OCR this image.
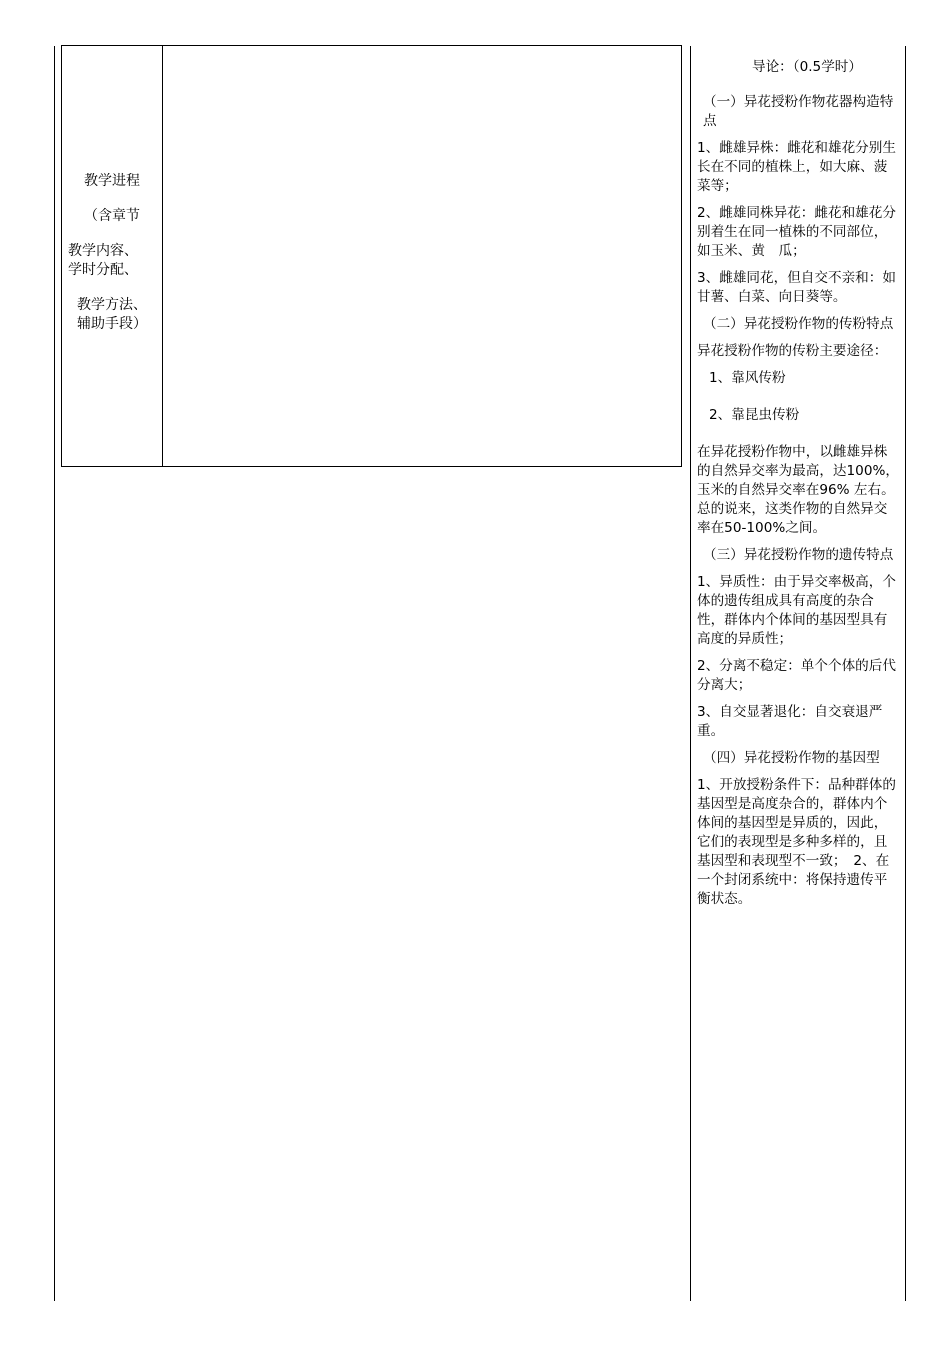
教学进程
（含章节
教学内容、
学时分配、
教学方法、
辅助手段）

导论：（0.5学时）

（一）异花授粉作物花器构造特点

1、雌雄异株：雌花和雄花分别生长在不同的植株上，如大麻、菠菜等；

2、雌雄同株异花：雌花和雄花分别着生在同一植株的不同部位，如玉米、黄　瓜；

3、雌雄同花，但自交不亲和：如甘薯、白菜、向日葵等。

（二）异花授粉作物的传粉特点

异花授粉作物的传粉主要途径：

1、靠风传粉

2、靠昆虫传粉

在异花授粉作物中，以雌雄异株的自然异交率为最高，达100%，玉米的自然异交率在96% 左右。总的说来，这类作物的自然异交率在50-100%之间。

（三）异花授粉作物的遗传特点

1、异质性：由于异交率极高，个体的遗传组成具有高度的杂合性，群体内个体间的基因型具有高度的异质性；

2、分离不稳定：单个个体的后代分离大；

3、自交显著退化：自交衰退严重。

（四）异花授粉作物的基因型

1、开放授粉条件下：品种群体的基因型是高度杂合的，群体内个体间的基因型是异质的，因此，它们的表现型是多种多样的，且基因型和表现型不一致；　2、在一个封闭系统中：将保持遗传平衡状态。
